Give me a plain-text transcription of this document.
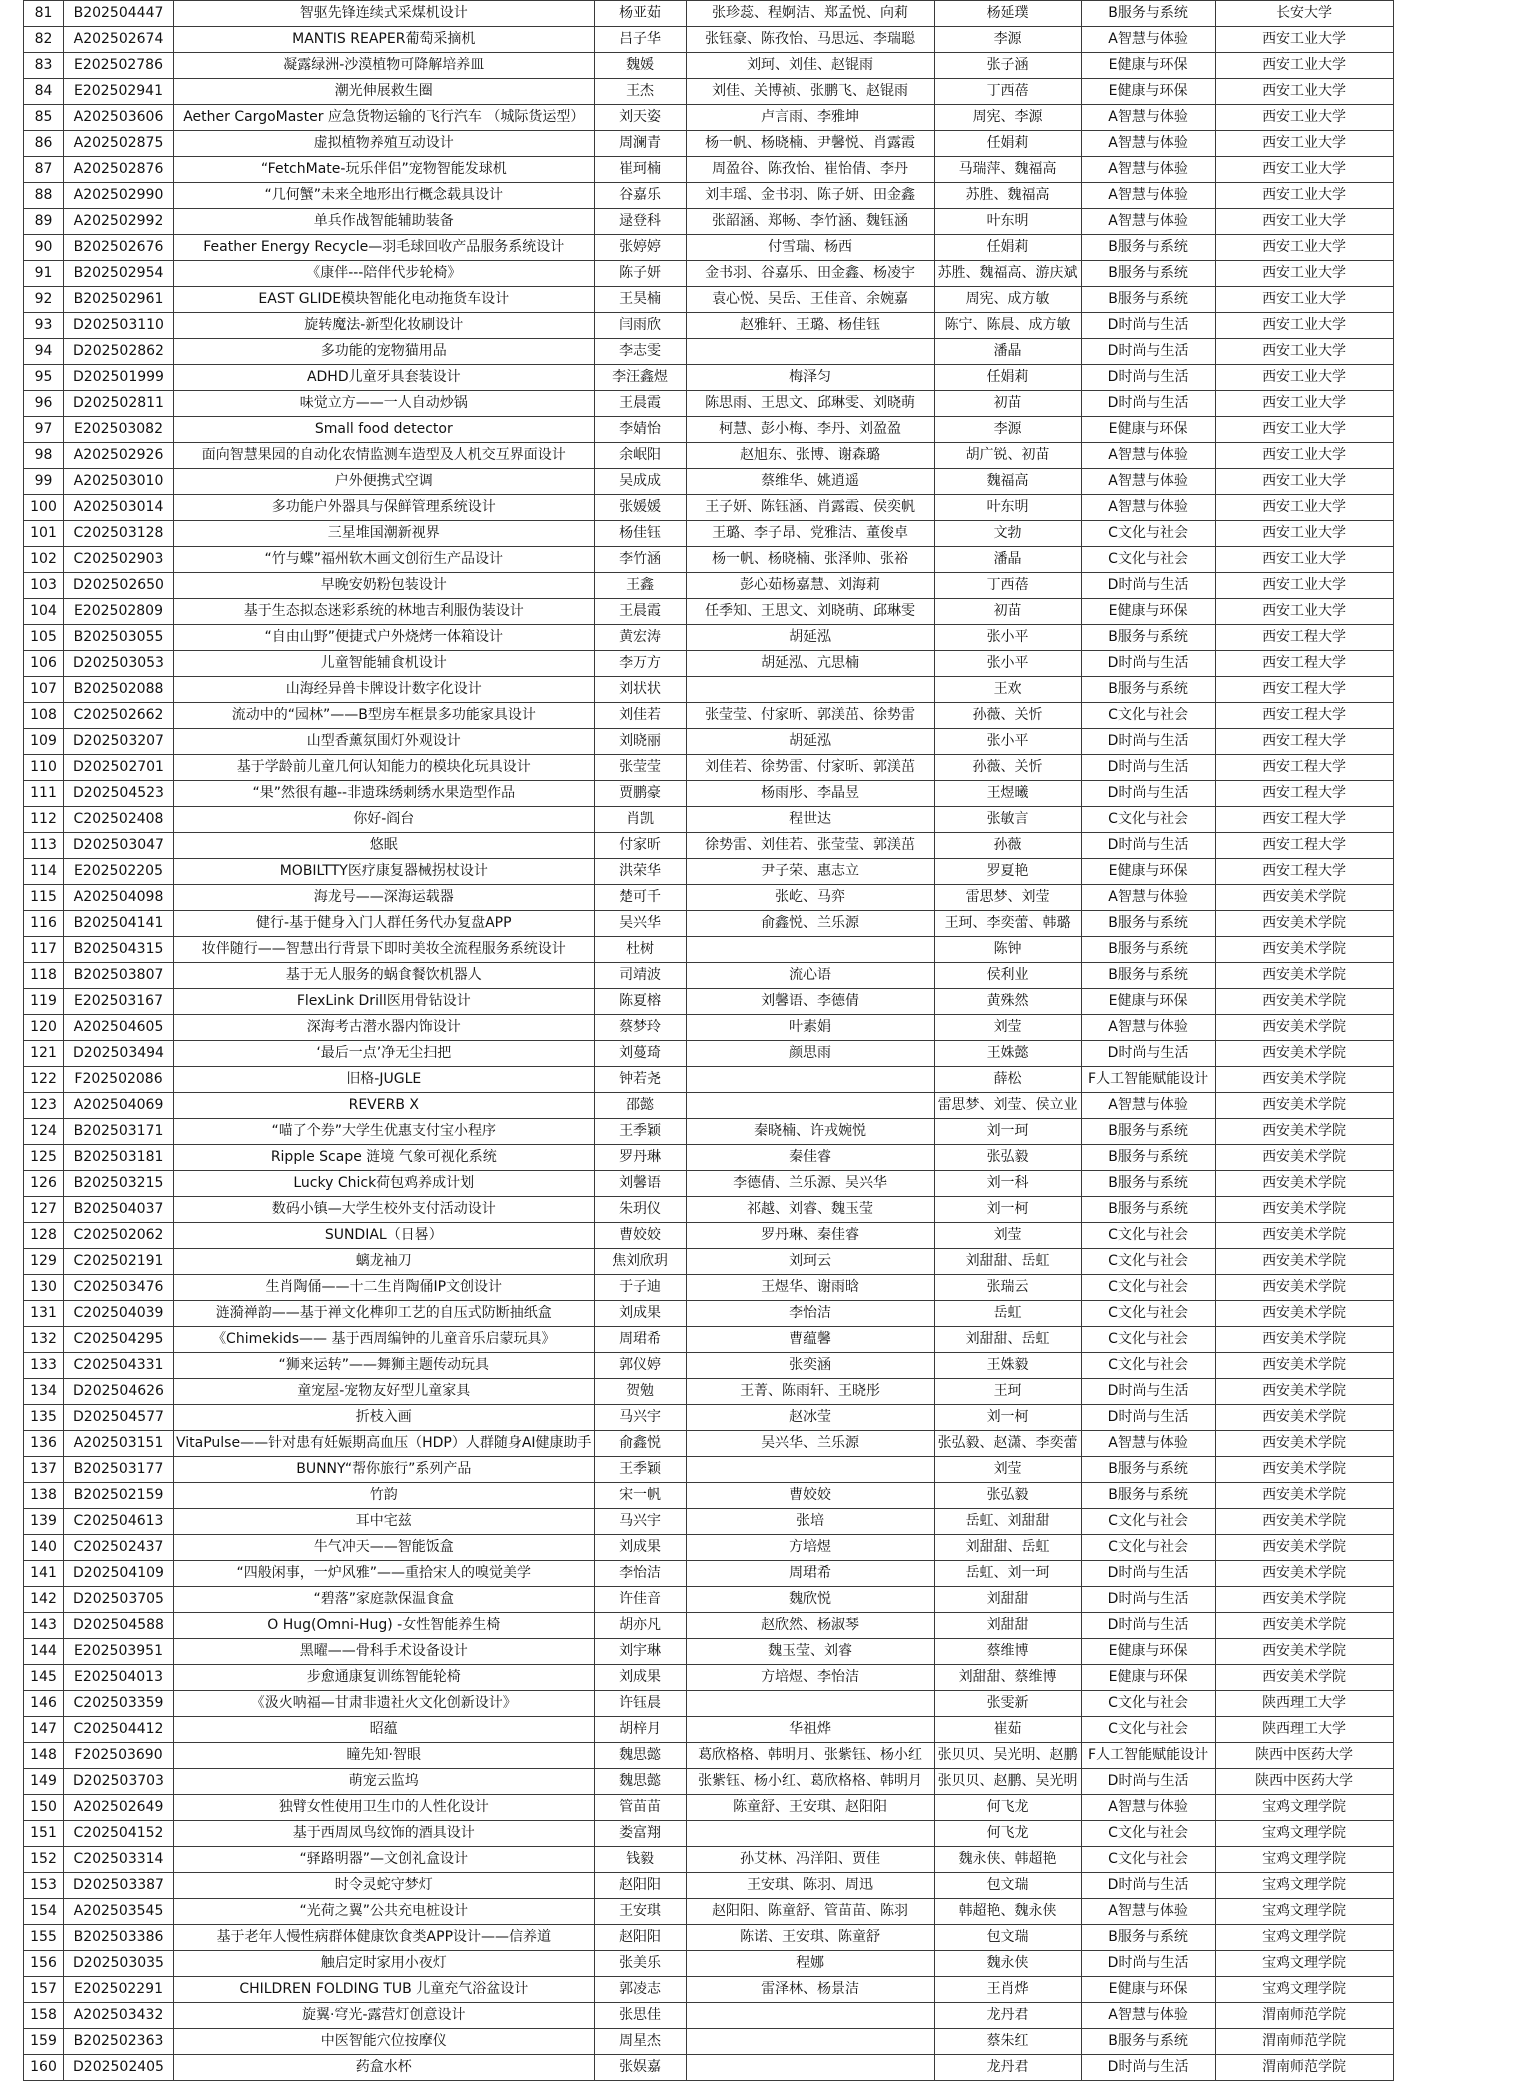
81	B202504447	智驱先锋连续式采煤机设计	杨亚茹	张珍蕊、程婀洁、郑孟悦、向莉	杨延璞	B服务与系统	长安大学
82	A202502674	MANTIS REAPER葡萄采摘机	吕子华	张钰豪、陈孜怡、马思远、李瑞聪	李源	A智慧与体验	西安工业大学
83	E202502786	凝露绿洲-沙漠植物可降解培养皿	魏媛	刘珂、刘佳、赵锟雨	张子涵	E健康与环保	西安工业大学
84	E202502941	潮光伸展救生圈	王杰	刘佳、关博祯、张鹏飞、赵锟雨	丁西蓓	E健康与环保	西安工业大学
85	A202503606	Aether CargoMaster 应急货物运输的飞行汽车 （城际货运型）	刘天姿	卢言雨、李雅坤	周宪、李源	A智慧与体验	西安工业大学
86	A202502875	虚拟植物养殖互动设计	周澜青	杨一帆、杨晓楠、尹馨悦、肖露霞	任娟莉	A智慧与体验	西安工业大学
87	A202502876	“FetchMate-玩乐伴侣”宠物智能发球机	崔珂楠	周盈谷、陈孜怡、崔怡倩、李丹	马瑞萍、魏福高	A智慧与体验	西安工业大学
88	A202502990	“几何蟹”未来全地形出行概念载具设计	谷嘉乐	刘丰瑶、金书羽、陈子妍、田金鑫	苏胜、魏福高	A智慧与体验	西安工业大学
89	A202502992	单兵作战智能辅助装备	逯登科	张韶涵、郑畅、李竹涵、魏钰涵	叶东明	A智慧与体验	西安工业大学
90	B202502676	Feather Energy Recycle—羽毛球回收产品服务系统设计	张婷婷	付雪瑞、杨西	任娟莉	B服务与系统	西安工业大学
91	B202502954	《康伴---陪伴代步轮椅》	陈子妍	金书羽、谷嘉乐、田金鑫、杨凌宇	苏胜、魏福高、游庆斌	B服务与系统	西安工业大学
92	B202502961	EAST GLIDE模块智能化电动拖货车设计	王昊楠	袁心悦、吴岳、王佳音、余婉嘉	周宪、成方敏	B服务与系统	西安工业大学
93	D202503110	旋转魔法-新型化妆刷设计	闫雨欣	赵雅轩、王璐、杨佳钰	陈宁、陈晨、成方敏	D时尚与生活	西安工业大学
94	D202502862	多功能的宠物猫用品	李志雯		潘晶	D时尚与生活	西安工业大学
95	D202501999	ADHD儿童牙具套装设计	李汪鑫煜	梅泽匀	任娟莉	D时尚与生活	西安工业大学
96	D202502811	味觉立方——一人自动炒锅	王晨霞	陈思雨、王思文、邱琳雯、刘晓萌	初苗	D时尚与生活	西安工业大学
97	E202503082	Small food detector	李婧怡	柯慧、彭小梅、李丹、刘盈盈	李源	E健康与环保	西安工业大学
98	A202502926	面向智慧果园的自动化农情监测车造型及人机交互界面设计	余岷阳	赵旭东、张博、谢森璐	胡广锐、初苗	A智慧与体验	西安工业大学
99	A202503010	户外便携式空调	吴成成	蔡维华、姚逍遥	魏福高	A智慧与体验	西安工业大学
100	A202503014	多功能户外器具与保鲜管理系统设计	张媛媛	王子妍、陈钰涵、肖露霞、侯奕帆	叶东明	A智慧与体验	西安工业大学
101	C202503128	三星堆国潮新视界	杨佳钰	王璐、李子昂、党雅洁、董俊卓	文勃	C文化与社会	西安工业大学
102	C202502903	“竹与蝶”福州软木画文创衍生产品设计	李竹涵	杨一帆、杨晓楠、张泽帅、张裕	潘晶	C文化与社会	西安工业大学
103	D202502650	早晚安奶粉包装设计	王鑫	彭心茹杨嘉慧、刘海莉	丁西蓓	D时尚与生活	西安工业大学
104	E202502809	基于生态拟态迷彩系统的林地吉利服伪装设计	王晨霞	任季知、王思文、刘晓萌、邱琳雯	初苗	E健康与环保	西安工业大学
105	B202503055	“自由山野”便捷式户外烧烤一体箱设计	黄宏涛	胡延泓	张小平	B服务与系统	西安工程大学
106	D202503053	儿童智能辅食机设计	李万方	胡延泓、亢思楠	张小平	D时尚与生活	西安工程大学
107	B202502088	山海经异兽卡牌设计数字化设计	刘状状		王欢	B服务与系统	西安工程大学
108	C202502662	流动中的“园林”——B型房车框景多功能家具设计	刘佳若	张莹莹、付家昕、郭渼茁、徐势雷	孙薇、关忻	C文化与社会	西安工程大学
109	D202503207	山型香薰氛围灯外观设计	刘晓丽	胡延泓	张小平	D时尚与生活	西安工程大学
110	D202502701	基于学龄前儿童几何认知能力的模块化玩具设计	张莹莹	刘佳若、徐势雷、付家昕、郭渼茁	孙薇、关忻	D时尚与生活	西安工程大学
111	D202504523	“果”然很有趣--非遗珠绣刺绣水果造型作品	贾鹏豪	杨雨彤、李晶昱	王煜曦	D时尚与生活	西安工程大学
112	C202502408	你好-阎台	肖凯	程世达	张敏言	C文化与社会	西安工程大学
113	D202503047	悠眠	付家昕	徐势雷、刘佳若、张莹莹、郭渼茁	孙薇	D时尚与生活	西安工程大学
114	E202502205	MOBILTTY医疗康复器械拐杖设计	洪荣华	尹子荣、惠志立	罗夏艳	E健康与环保	西安工程大学
115	A202504098	海龙号——深海运载器	楚可千	张屹、马弈	雷思梦、刘莹	A智慧与体验	西安美术学院
116	B202504141	健行-基于健身入门人群任务代办复盘APP	吴兴华	俞鑫悦、兰乐源	王珂、李奕蕾、韩璐	B服务与系统	西安美术学院
117	B202504315	妆伴随行——智慧出行背景下即时美妆全流程服务系统设计	杜树		陈钟	B服务与系统	西安美术学院
118	B202503807	基于无人服务的蜗食餐饮机器人	司靖波	流心语	侯利业	B服务与系统	西安美术学院
119	E202503167	FlexLink Drill医用骨钻设计	陈夏榕	刘馨语、李德倩	黄殊然	E健康与环保	西安美术学院
120	A202504605	深海考古潜水器内饰设计	蔡梦玲	叶素娟	刘莹	A智慧与体验	西安美术学院
121	D202503494	‘最后一点’净无尘扫把	刘蔓琦	颜思雨	王姝懿	D时尚与生活	西安美术学院
122	F202502086	旧格-JUGLE	钟若尧		薛松	F人工智能赋能设计	西安美术学院
123	A202504069	REVERB X	邵懿		雷思梦、刘莹、侯立业	A智慧与体验	西安美术学院
124	B202503171	“喵了个券”大学生优惠支付宝小程序	王季颖	秦晓楠、许戎婉悦	刘一珂	B服务与系统	西安美术学院
125	B202503181	Ripple Scape 涟境 气象可视化系统	罗丹琳	秦佳睿	张弘毅	B服务与系统	西安美术学院
126	B202503215	Lucky Chick荷包鸡养成计划	刘馨语	李德倩、兰乐源、吴兴华	刘一科	B服务与系统	西安美术学院
127	B202504037	数码小镇—大学生校外支付活动设计	朱玥仪	祁越、刘睿、魏玉莹	刘一柯	B服务与系统	西安美术学院
128	C202502062	SUNDIAL（日晷）	曹姣姣	罗丹琳、秦佳睿	刘莹	C文化与社会	西安美术学院
129	C202502191	螭龙袖刀	焦刘欣玥	刘珂云	刘甜甜、岳虹	C文化与社会	西安美术学院
130	C202503476	生肖陶俑——十二生肖陶俑IP文创设计	于子迪	王煜华、谢雨晗	张瑞云	C文化与社会	西安美术学院
131	C202504039	涟漪禅韵——基于禅文化榫卯工艺的自压式防断抽纸盒	刘成果	李怡洁	岳虹	C文化与社会	西安美术学院
132	C202504295	《Chimekids—— 基于西周编钟的儿童音乐启蒙玩具》	周珺希	曹蕴馨	刘甜甜、岳虹	C文化与社会	西安美术学院
133	C202504331	“狮来运转”——舞狮主题传动玩具	郭仪婷	张奕涵	王姝毅	C文化与社会	西安美术学院
134	D202504626	童宠屋-宠物友好型儿童家具	贺勉	王菁、陈雨轩、王晓彤	王珂	D时尚与生活	西安美术学院
135	D202504577	折枝入画	马兴宇	赵冰莹	刘一柯	D时尚与生活	西安美术学院
136	A202503151	VitaPulse——针对患有妊娠期高血压（HDP）人群随身AI健康助手	俞鑫悦	吴兴华、兰乐源	张弘毅、赵潇、李奕蕾	A智慧与体验	西安美术学院
137	B202503177	BUNNY“帮你旅行”系列产品	王季颖		刘莹	B服务与系统	西安美术学院
138	B202502159	竹韵	宋一帆	曹姣姣	张弘毅	B服务与系统	西安美术学院
139	C202504613	耳中宅兹	马兴宇	张培	岳虹、刘甜甜	C文化与社会	西安美术学院
140	C202502437	牛气冲天——智能饭盒	刘成果	方培煜	刘甜甜、岳虹	C文化与社会	西安美术学院
141	D202504109	“四般闲事，一炉风雅”——重拾宋人的嗅觉美学	李怡洁	周珺希	岳虹、刘一珂	D时尚与生活	西安美术学院
142	D202503705	“碧落”家庭款保温食盒	许佳音	魏欣悦	刘甜甜	D时尚与生活	西安美术学院
143	D202504588	O Hug(Omni-Hug) -女性智能养生椅	胡亦凡	赵欣然、杨淑琴	刘甜甜	D时尚与生活	西安美术学院
144	E202503951	黑曜——骨科手术设备设计	刘宇琳	魏玉莹、刘睿	蔡维博	E健康与环保	西安美术学院
145	E202504013	步愈通康复训练智能轮椅	刘成果	方培煜、李怡洁	刘甜甜、蔡维博	E健康与环保	西安美术学院
146	C202503359	《汲火呐福—甘肃非遗社火文化创新设计》	许钰晨		张雯新	C文化与社会	陕西理工大学
147	C202504412	昭蕴	胡梓月	华祖烨	崔茹	C文化与社会	陕西理工大学
148	F202503690	瞳先知·智眼	魏思懿	葛欣格格、韩明月、张紫钰、杨小红	张贝贝、吴光明、赵鹏	F人工智能赋能设计	陕西中医药大学
149	D202503703	萌宠云监坞	魏思懿	张紫钰、杨小红、葛欣格格、韩明月	张贝贝、赵鹏、吴光明	D时尚与生活	陕西中医药大学
150	A202502649	独臂女性使用卫生巾的人性化设计	管苗苗	陈童舒、王安琪、赵阳阳	何飞龙	A智慧与体验	宝鸡文理学院
151	C202504152	基于西周凤鸟纹饰的酒具设计	娄富翔		何飞龙	C文化与社会	宝鸡文理学院
152	C202503314	“驿路明器”—文创礼盒设计	钱毅	孙艾林、冯洋阳、贾佳	魏永侠、韩超艳	C文化与社会	宝鸡文理学院
153	D202503387	时令灵蛇守梦灯	赵阳阳	王安琪、陈羽、周迅	包文瑞	D时尚与生活	宝鸡文理学院
154	A202503545	“光荷之翼”公共充电桩设计	王安琪	赵阳阳、陈童舒、管苗苗、陈羽	韩超艳、魏永侠	A智慧与体验	宝鸡文理学院
155	B202503386	基于老年人慢性病群体健康饮食类APP设计——信养道	赵阳阳	陈诺、王安琪、陈童舒	包文瑞	B服务与系统	宝鸡文理学院
156	D202503035	触启定时家用小夜灯	张美乐	程娜	魏永侠	D时尚与生活	宝鸡文理学院
157	E202502291	CHILDREN FOLDING TUB 儿童充气浴盆设计	郭凌志	雷泽林、杨景洁	王肖烨	E健康与环保	宝鸡文理学院
158	A202503432	旋翼·穹光-露营灯创意设计	张思佳		龙丹君	A智慧与体验	渭南师范学院
159	B202502363	中医智能穴位按摩仪	周星杰		蔡朱红	B服务与系统	渭南师范学院
160	D202502405	药盒水杯	张娱嘉		龙丹君	D时尚与生活	渭南师范学院
